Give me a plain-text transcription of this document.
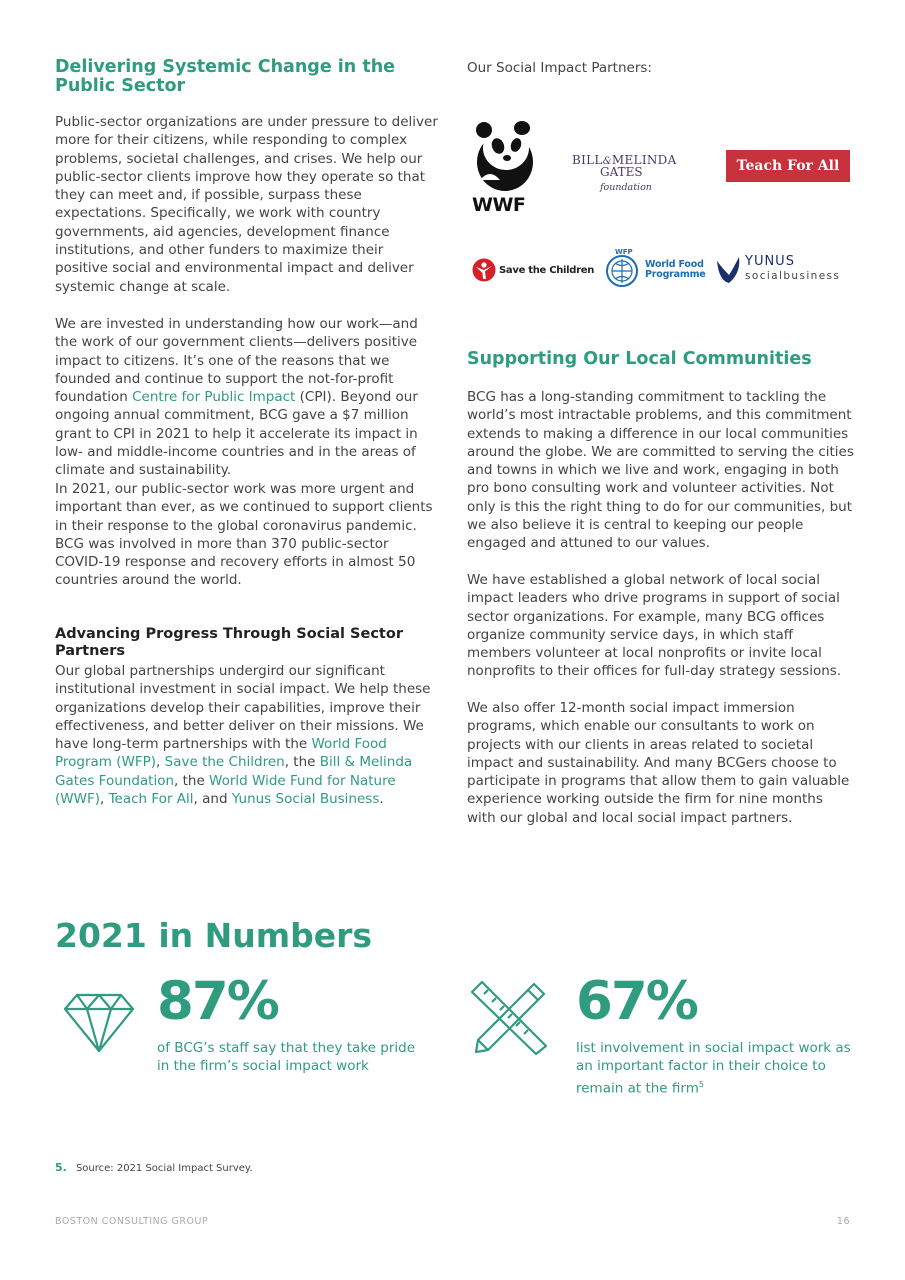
Delivering Systemic Change in the Public Sector
Public-sector organizations are under pressure to deliver more for their citizens, while responding to complex problems, societal challenges, and crises. We help our public-sector clients improve how they operate so that they can meet and, if possible, surpass these expectations. Specifically, we work with country governments, aid agencies, development finance institutions, and other funders to maximize their positive social and environmental impact and deliver systemic change at scale.
We are invested in understanding how our work—and the work of our government clients—delivers positive impact to citizens. It’s one of the reasons that we founded and continue to support the not-for-profit foundation Centre for Public Impact (CPI). Beyond our ongoing annual commitment, BCG gave a $7 million grant to CPI in 2021 to help it accelerate its impact in low- and middle-income countries and in the areas of climate and sustainability.
In 2021, our public-sector work was more urgent and important than ever, as we continued to support clients in their response to the global coronavirus pandemic. BCG was involved in more than 370 public-sector COVID-19 response and recovery efforts in almost 50 countries around the world.
Advancing Progress Through Social Sector Partners
Our global partnerships undergird our significant institutional investment in social impact. We help these organizations develop their capabilities, improve their effectiveness, and better deliver on their missions. We have long-term partnerships with the World Food Program (WFP), Save the Children, the Bill & Melinda Gates Foundation, the World Wide Fund for Nature (WWF), Teach For All, and Yunus Social Business.
Our Social Impact Partners:
WWF
BILL&MELINDA
GATES foundation
Teach For All
Save the Children
WFP
World Food
Programme
YUNUS
socialbusiness
Supporting Our Local Communities
BCG has a long-standing commitment to tackling the world’s most intractable problems, and this commitment extends to making a difference in our local communities around the globe. We are committed to serving the cities and towns in which we live and work, engaging in both pro bono consulting work and volunteer activities. Not only is this the right thing to do for our communities, but we also believe it is central to keeping our people engaged and attuned to our values.
We have established a global network of local social impact leaders who drive programs in support of social sector organizations. For example, many BCG offices organize community service days, in which staff members volunteer at local nonprofits or invite local nonprofits to their offices for full-day strategy sessions.
We also offer 12-month social impact immersion programs, which enable our consultants to work on projects with our clients in areas related to societal impact and sustainability. And many BCGers choose to participate in programs that allow them to gain valuable experience working outside the firm for nine months with our global and local social impact partners.
2021 in Numbers
87%
of BCG’s staff say that they take pride in the firm’s social impact work
67%
list involvement in social impact work as an important factor in their choice to remain at the firm$^5$
5. Source: 2021 Social Impact Survey.
BOSTON CONSULTING GROUP	16
